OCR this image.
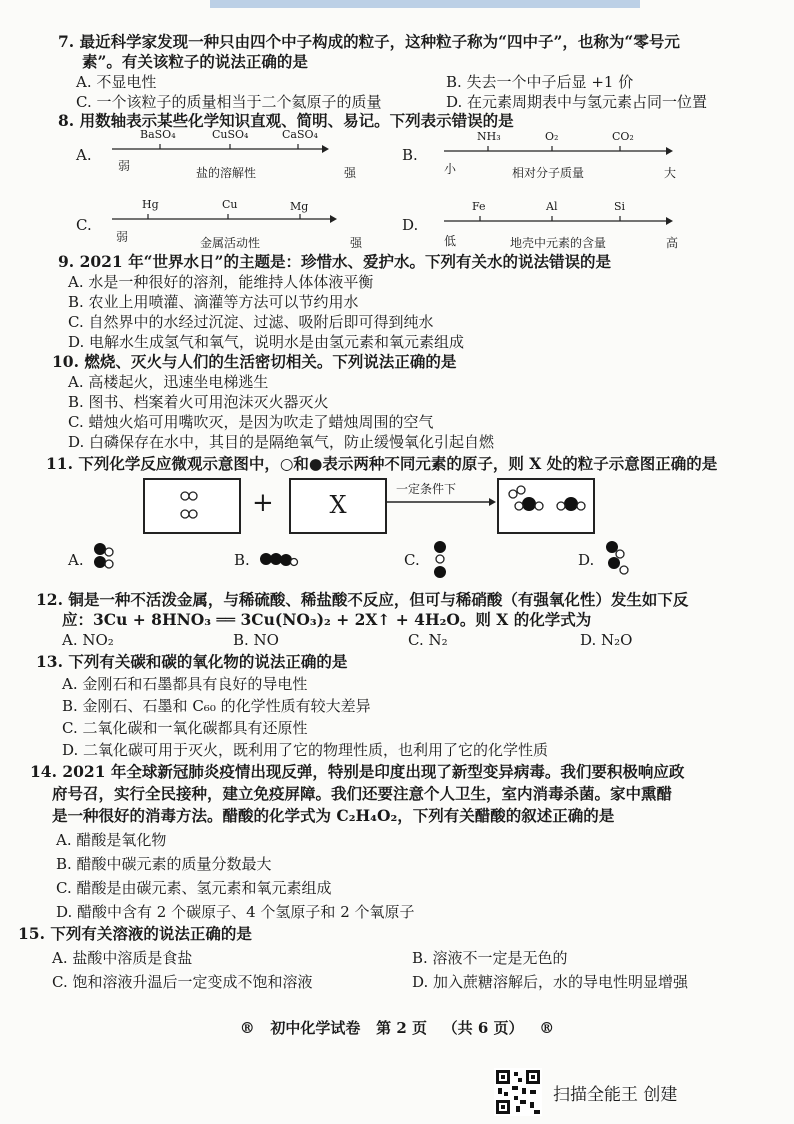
7. 最近科学家发现一种只由四个中子构成的粒子，这种粒子称为“四中子”，也称为“零号元
素”。有关该粒子的说法正确的是
A. 不显电性	B. 失去一个中子后显 +1 价
C. 一个该粒子的质量相当于二个氦原子的质量	D. 在元素周期表中与氢元素占同一位置
8. 用数轴表示某些化学知识直观、简明、易记。下列表示错误的是
A.
BaSO₄	CuSO₄	CaSO₄
弱	盐的溶解性	强
B.
NH₃	O₂	CO₂
小	相对分子质量	大
C.
Hg	Cu	Mg
弱	金属活动性	强
D.
Fe	Al	Si
低	地壳中元素的含量	高
9. 2021 年“世界水日”的主题是：珍惜水、爱护水。下列有关水的说法错误的是
A. 水是一种很好的溶剂，能维持人体体液平衡
B. 农业上用喷灌、滴灌等方法可以节约用水
C. 自然界中的水经过沉淀、过滤、吸附后即可得到纯水
D. 电解水生成氢气和氧气，说明水是由氢元素和氧元素组成
10. 燃烧、灭火与人们的生活密切相关。下列说法正确的是
A. 高楼起火，迅速坐电梯逃生
B. 图书、档案着火可用泡沫灭火器灭火
C. 蜡烛火焰可用嘴吹灭，是因为吹走了蜡烛周围的空气
D. 白磷保存在水中，其目的是隔绝氧气，防止缓慢氧化引起自燃
11. 下列化学反应微观示意图中，○和●表示两种不同元素的原子，则 X 处的粒子示意图正确的是
+	X
一定条件下
A.	B.	C.	D.
12. 铜是一种不活泼金属，与稀硫酸、稀盐酸不反应，但可与稀硝酸（有强氧化性）发生如下反
应：3Cu + 8HNO₃ ══ 3Cu(NO₃)₂ + 2X↑ + 4H₂O。则 X 的化学式为
A. NO₂	B. NO	C. N₂	D. N₂O
13. 下列有关碳和碳的氧化物的说法正确的是
A. 金刚石和石墨都具有良好的导电性
B. 金刚石、石墨和 C₆₀ 的化学性质有较大差异
C. 二氧化碳和一氧化碳都具有还原性
D. 二氧化碳可用于灭火，既利用了它的物理性质，也利用了它的化学性质
14. 2021 年全球新冠肺炎疫情出现反弹，特别是印度出现了新型变异病毒。我们要积极响应政
府号召，实行全民接种，建立免疫屏障。我们还要注意个人卫生，室内消毒杀菌。家中熏醋
是一种很好的消毒方法。醋酸的化学式为 C₂H₄O₂，下列有关醋酸的叙述正确的是
A. 醋酸是氧化物
B. 醋酸中碳元素的质量分数最大
C. 醋酸是由碳元素、氢元素和氧元素组成
D. 醋酸中含有 2 个碳原子、4 个氢原子和 2 个氧原子
15. 下列有关溶液的说法正确的是
A. 盐酸中溶质是食盐	B. 溶液不一定是无色的
C. 饱和溶液升温后一定变成不饱和溶液	D. 加入蔗糖溶解后，水的导电性明显增强
® 初中化学试卷 第 2 页 （共 6 页） ®
扫描全能王 创建
